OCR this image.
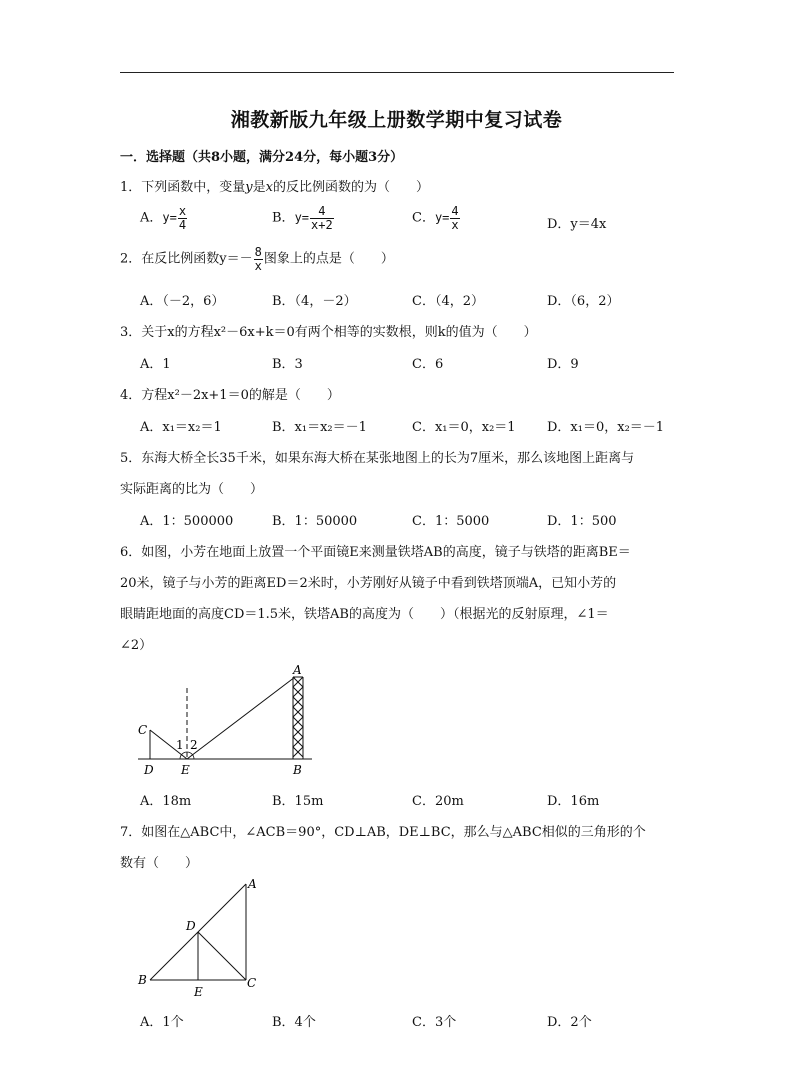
湘教新版九年级上册数学期中复习试卷
一．选择题（共8小题，满分24分，每小题3分）
1．下列函数中，变量y是x的反比例函数的为（　　）
A．$y= \frac{x}{4}$	B．$y= \frac{4}{x+2}$	C．$y= \frac{4}{x}$	D．y＝4x
2．在反比例函数$y=- \frac{8}{x}$ 图象上的点是（　　）
A．（－2，6）	B．（4，－2）	C．（4，2）	D．（6，2）
3．关于x的方程x²－6x+k＝0有两个相等的实数根，则k的值为（　　）
A．1	B．3	C．6	D．9
4．方程x²－2x+1＝0的解是（　　）
A．x₁＝x₂＝1	B．x₁＝x₂＝－1	C．x₁＝0，x₂＝1 D．x₁＝0，x₂＝－1
5．东海大桥全长35千米，如果东海大桥在某张地图上的长为7厘米，那么该地图上距离与
实际距离的比为（　　）
A．1：500000	B．1：50000	C．1：5000	D．1：500
6．如图，小芳在地面上放置一个平面镜E来测量铁塔AB的高度，镜子与铁塔的距离BE＝
20米，镜子与小芳的距离ED＝2米时，小芳刚好从镜子中看到铁塔顶端A，已知小芳的
眼睛距地面的高度CD＝1.5米，铁塔AB的高度为（　　）（根据光的反射原理，∠1＝
∠2）
A
C
D E	B
1 2
A．18m	B．15m	C．20m	D．16m
7．如图在△ABC中，∠ACB＝90°，CD⊥AB，DE⊥BC，那么与△ABC相似的三角形的个
数有（　　）
A
D
B
E
C
A．1个	B．4个	C．3个	D．2个
